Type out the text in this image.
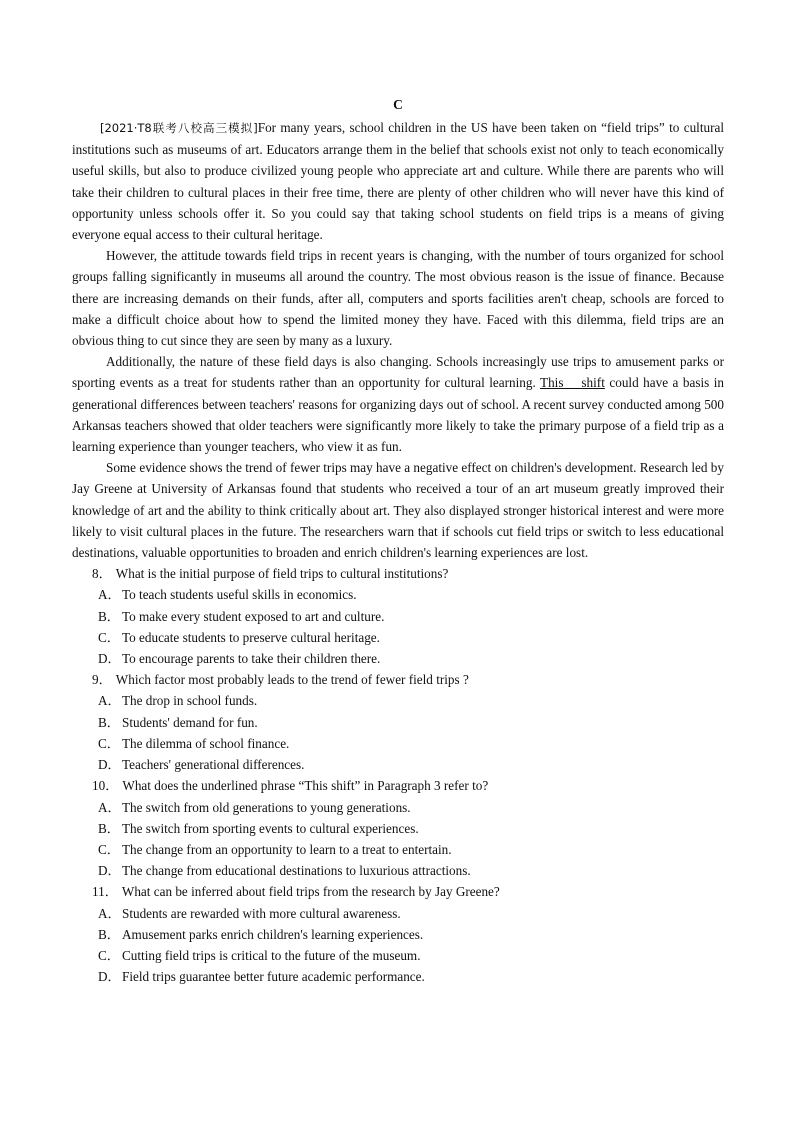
C

[2021·T8联考八校高三模拟]For many years, school children in the US have been taken on “field trips” to cultural institutions such as museums of art. Educators arrange them in the belief that schools exist not only to teach economically useful skills, but also to produce civilized young people who appreciate art and culture. While there are parents who will take their children to cultural places in their free time, there are plenty of other children who will never have this kind of opportunity unless schools offer it. So you could say that taking school students on field trips is a means of giving everyone equal access to their cultural heritage.

However, the attitude towards field trips in recent years is changing, with the number of tours organized for school groups falling significantly in museums all around the country. The most obvious reason is the issue of finance. Because there are increasing demands on their funds, after all, computers and sports facilities aren't cheap, schools are forced to make a difficult choice about how to spend the limited money they have. Faced with this dilemma, field trips are an obvious thing to cut since they are seen by many as a luxury.

Additionally, the nature of these field days is also changing. Schools increasingly use trips to amusement parks or sporting events as a treat for students rather than an opportunity for cultural learning. This    shift could have a basis in generational differences between teachers' reasons for organizing days out of school. A recent survey conducted among 500 Arkansas teachers showed that older teachers were significantly more likely to take the primary purpose of a field trip as a learning experience than younger teachers, who view it as fun.

Some evidence shows the trend of fewer trips may have a negative effect on children's development. Research led by Jay Greene at University of Arkansas found that students who received a tour of an art museum greatly improved their knowledge of art and the ability to think critically about art. They also displayed stronger historical interest and were more likely to visit cultural places in the future. The researchers warn that if schools cut field trips or switch to less educational destinations, valuable opportunities to broaden and enrich children's learning experiences are lost.

8． What is the initial purpose of field trips to cultural institutions?

A．To teach students useful skills in economics.

B． To make every student exposed to art and culture.

C． To educate students to preserve cultural heritage.

D．To encourage parents to take their children there.

9． Which factor most probably leads to the trend of fewer field trips ?

A．The drop in school funds.

B． Students' demand for fun.

C． The dilemma of school finance.

D．Teachers' generational differences.

10． What does the underlined phrase “This shift” in Paragraph 3 refer to?

A．The switch from old generations to young generations.

B． The switch from sporting events to cultural experiences.

C． The change from an opportunity to learn to a treat to entertain.

D．The change from educational destinations to luxurious attractions.

11． What can be inferred about field trips from the research by Jay Greene?

A．Students are rewarded with more cultural awareness.

B． Amusement parks enrich children's learning experiences.

C． Cutting field trips is critical to the future of the museum.

D．Field trips guarantee better future academic performance.
